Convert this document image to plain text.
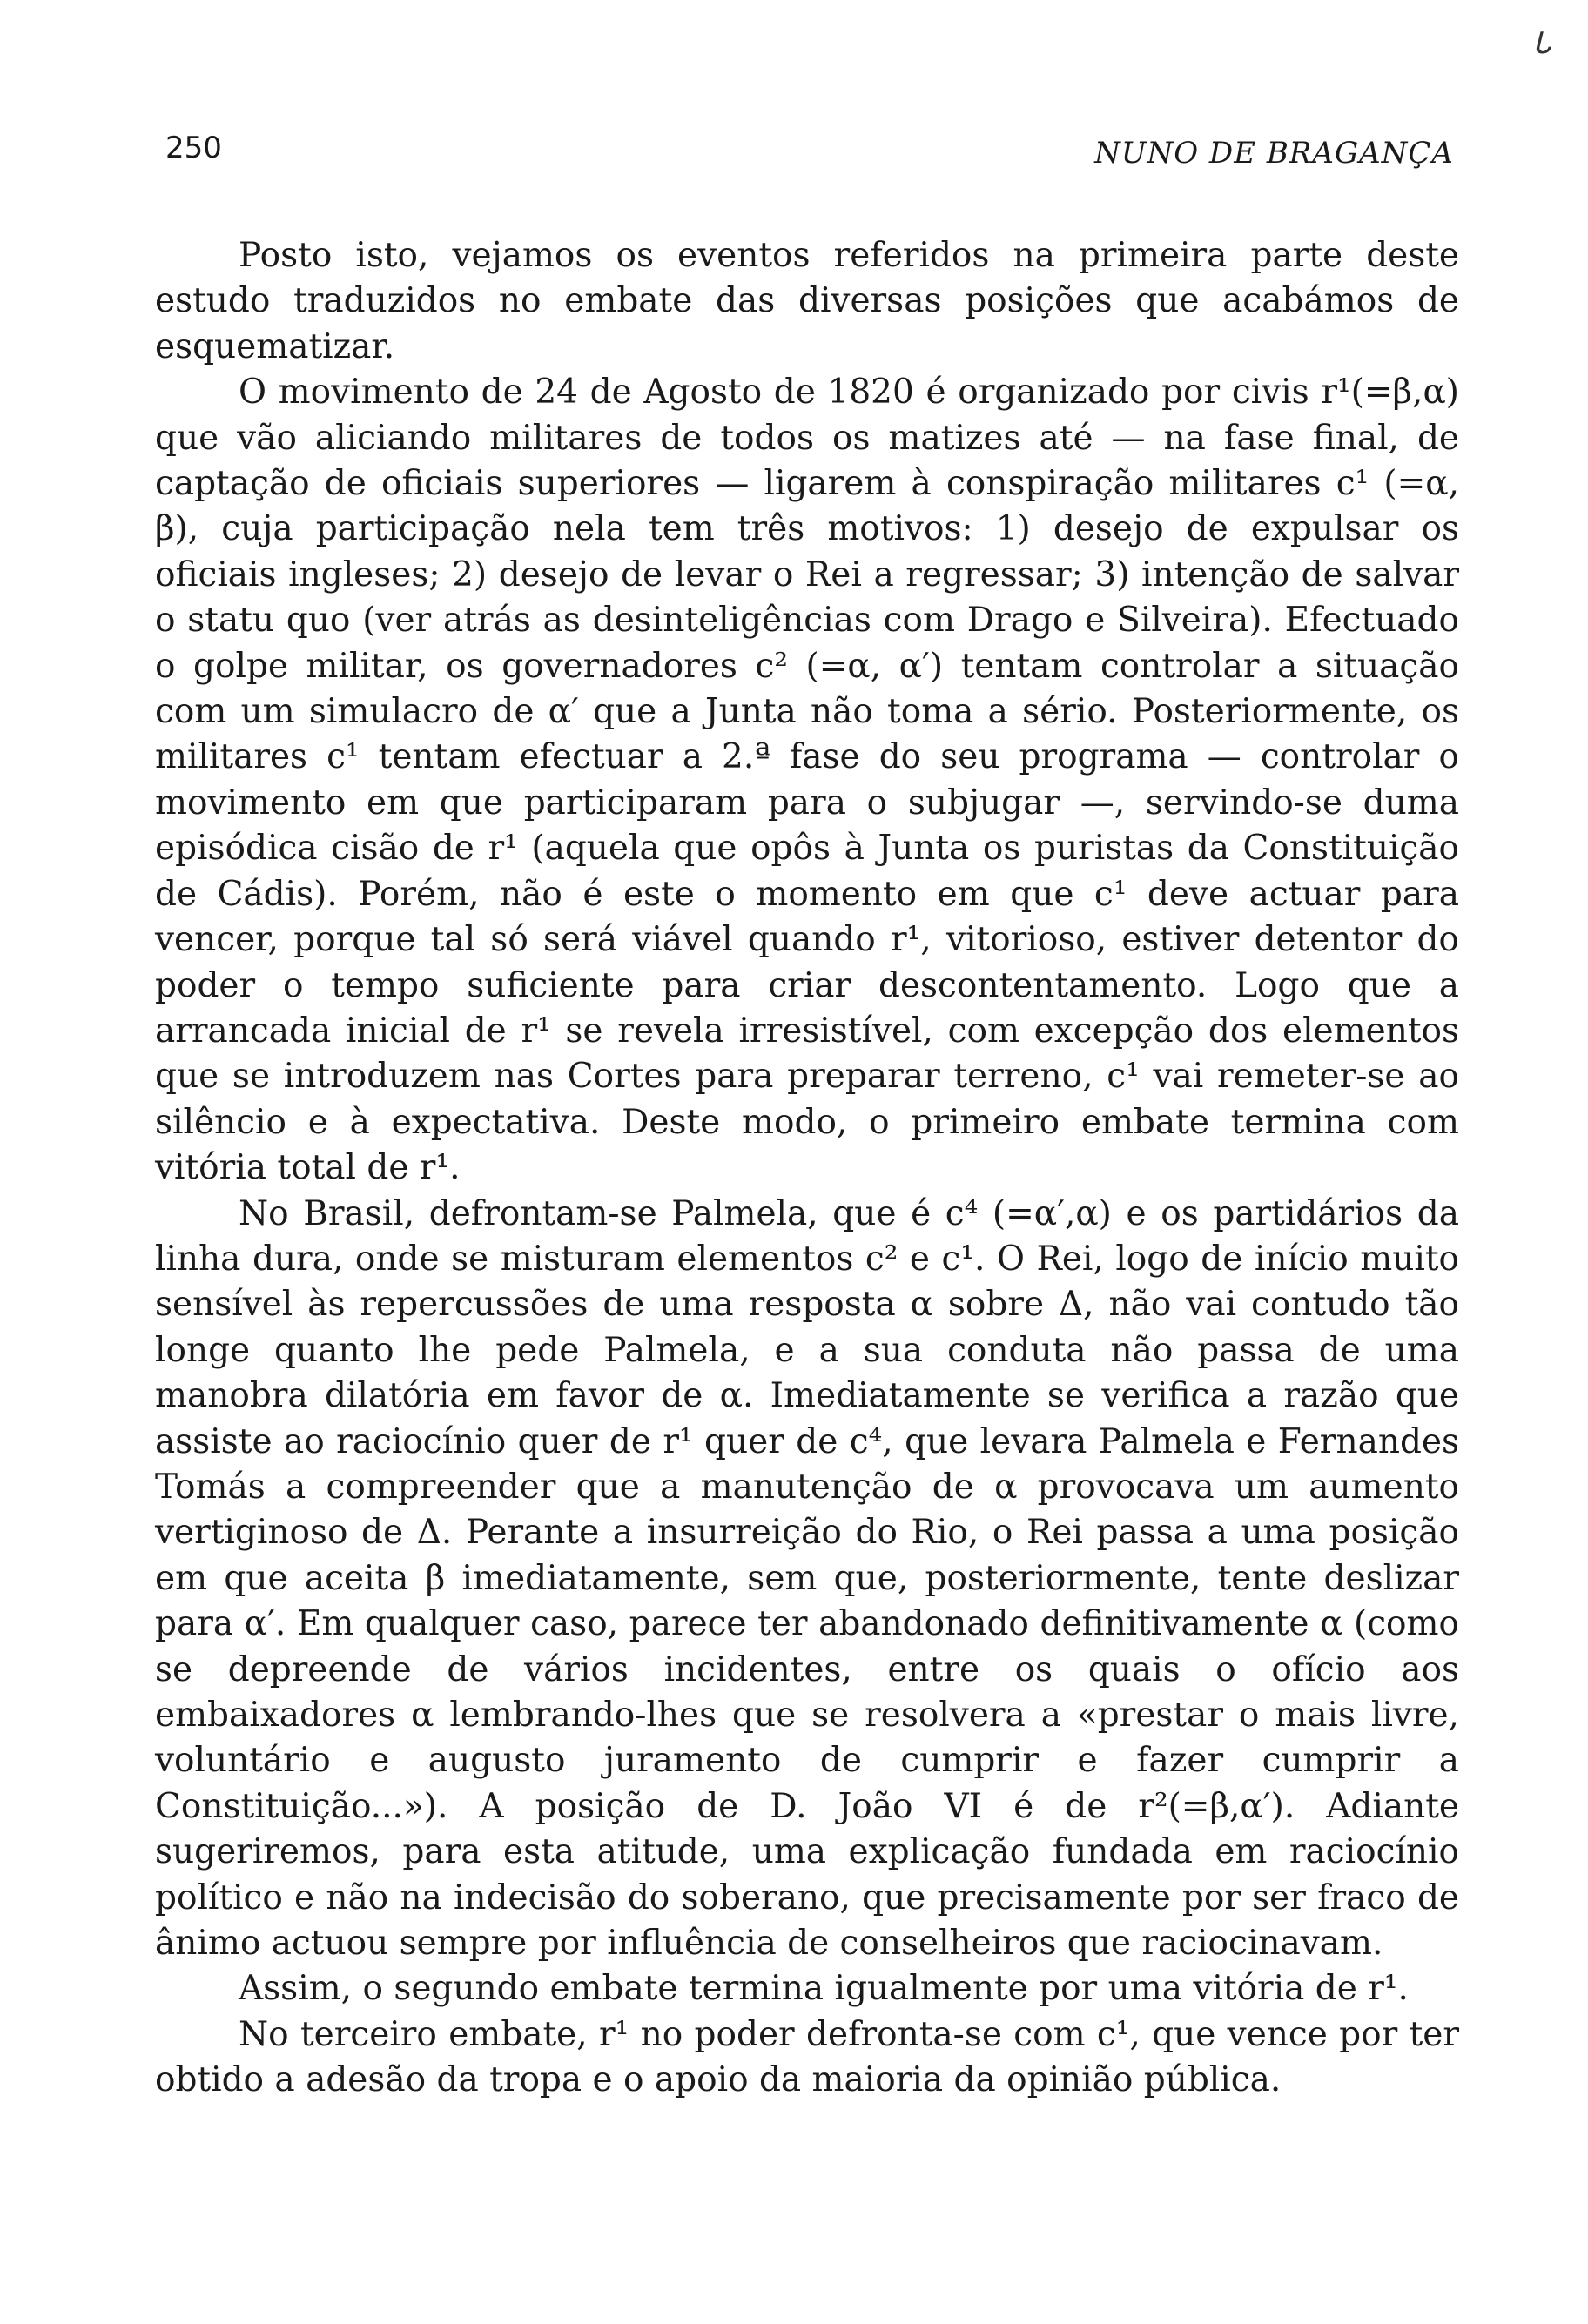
ᒐ
250	NUNO DE BRAGANÇA

Posto isto, vejamos os eventos referidos na primeira parte deste estudo traduzidos no embate das diversas posições que acabámos de esquematizar.

O movimento de 24 de Agosto de 1820 é organizado por civis r¹(=β,α) que vão aliciando militares de todos os matizes até — na fase final, de captação de oficiais superiores — ligarem à conspiração militares c¹ (=α, β), cuja participação nela tem três motivos: 1) desejo de expulsar os oficiais ingleses; 2) desejo de levar o Rei a regressar; 3) intenção de salvar o statu quo (ver atrás as desinteligências com Drago e Silveira). Efectuado o golpe militar, os governadores c² (=α, α′) tentam controlar a situação com um simulacro de α′ que a Junta não toma a sério. Posteriormente, os militares c¹ tentam efectuar a 2.ª fase do seu programa — controlar o movimento em que participaram para o subjugar —, servindo-se duma episódica cisão de r¹ (aquela que opôs à Junta os puristas da Constituição de Cádis). Porém, não é este o momento em que c¹ deve actuar para vencer, porque tal só será viável quando r¹, vitorioso, estiver detentor do poder o tempo suficiente para criar descontentamento. Logo que a arrancada inicial de r¹ se revela irresistível, com excepção dos elementos que se introduzem nas Cortes para preparar terreno, c¹ vai remeter-se ao silêncio e à expectativa. Deste modo, o primeiro embate termina com vitória total de r¹.

No Brasil, defrontam-se Palmela, que é c⁴ (=α′,α) e os partidários da linha dura, onde se misturam elementos c² e c¹. O Rei, logo de início muito sensível às repercussões de uma resposta α sobre Δ, não vai contudo tão longe quanto lhe pede Palmela, e a sua conduta não passa de uma manobra dilatória em favor de α. Imediatamente se verifica a razão que assiste ao raciocínio quer de r¹ quer de c⁴, que levara Palmela e Fernandes Tomás a compreender que a manutenção de α provocava um aumento vertiginoso de Δ. Perante a insurreição do Rio, o Rei passa a uma posição em que aceita β imediatamente, sem que, posteriormente, tente deslizar para α′. Em qualquer caso, parece ter abandonado definitivamente α (como se depreende de vários incidentes, entre os quais o ofício aos embaixadores α lembrando-lhes que se resolvera a «prestar o mais livre, voluntário e augusto juramento de cumprir e fazer cumprir a Constituição...»). A posição de D. João VI é de r²(=β,α′). Adiante sugeriremos, para esta atitude, uma explicação fundada em raciocínio político e não na indecisão do soberano, que precisamente por ser fraco de ânimo actuou sempre por influência de conselheiros que raciocinavam.

Assim, o segundo embate termina igualmente por uma vitória de r¹.

No terceiro embate, r¹ no poder defronta-se com c¹, que vence por ter obtido a adesão da tropa e o apoio da maioria da opinião pública.
